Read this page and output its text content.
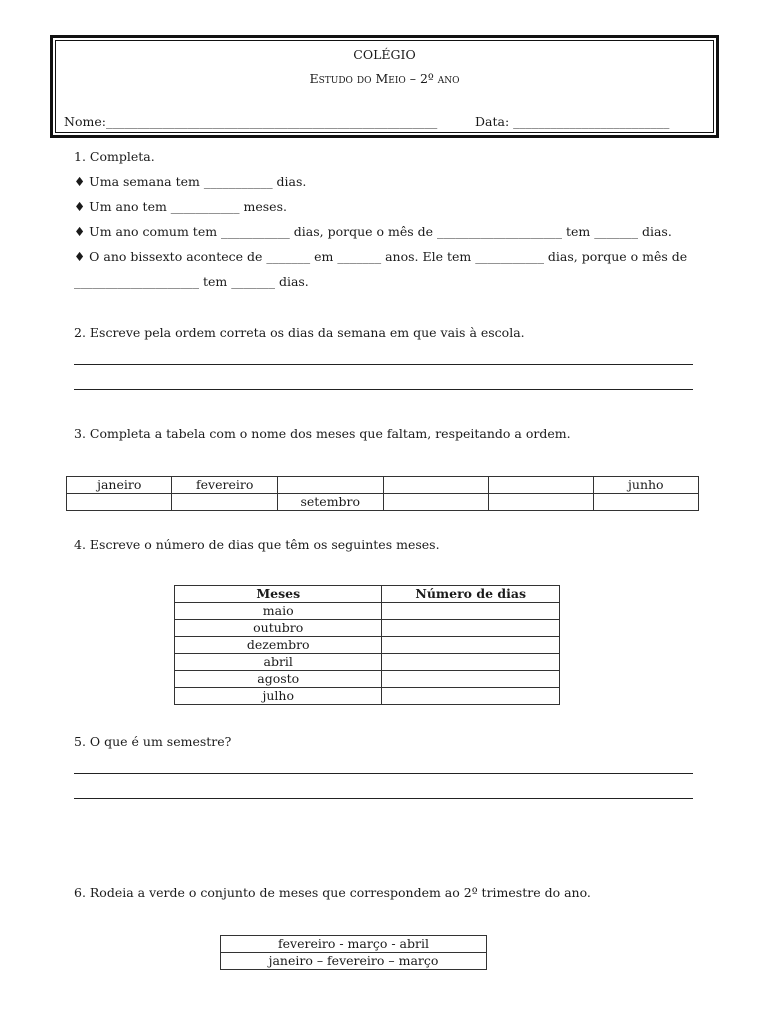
COLÉGIO
Estudo do Meio – 2º ano
Nome:_____________________________________________________	Data: _________________________
1. Completa.
♦ Uma semana tem ___________ dias.
♦ Um ano tem ___________ meses.
♦ Um ano comum tem ___________ dias, porque o mês de ____________________ tem _______ dias.
♦ O ano bissexto acontece de _______ em _______ anos. Ele tem ___________ dias, porque o mês de
____________________ tem _______ dias.
2. Escreve pela ordem correta os dias da semana em que vais à escola.
3. Completa a tabela com o nome dos meses que faltam, respeitando a ordem.
janeiro	fevereiro				junho
		setembro			
4. Escreve o número de dias que têm os seguintes meses.
Meses	Número de dias
maio	
outubro	
dezembro	
abril	
agosto	
julho	
5. O que é um semestre?
6. Rodeia a verde o conjunto de meses que correspondem ao 2º trimestre do ano.
fevereiro - março - abril
janeiro – fevereiro – março
